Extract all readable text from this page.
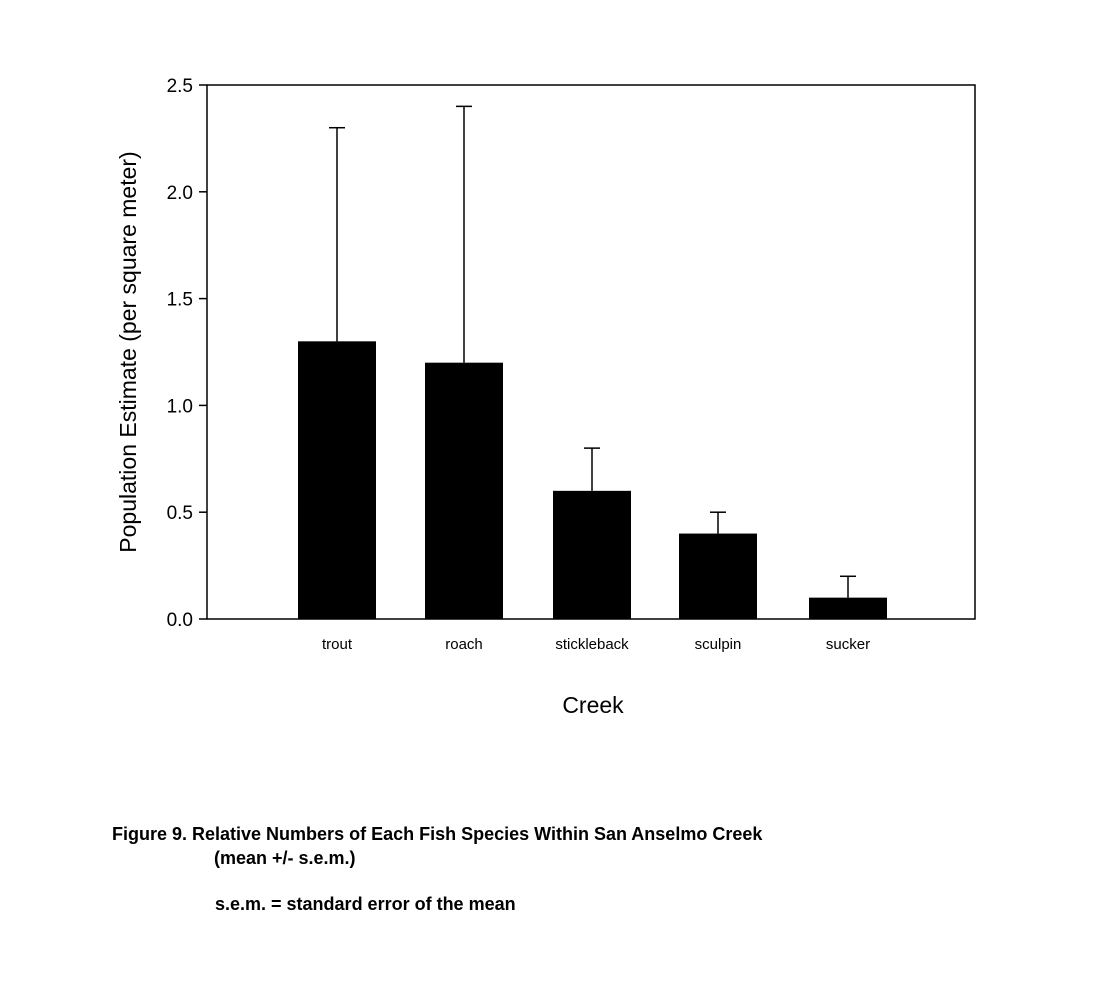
0.0
0.5
1.0
1.5
2.0
2.5
trout	roach	stickleback	sculpin	sucker
Population Estimate (per square meter)
Creek
Figure 9. Relative Numbers of Each Fish Species Within San Anselmo Creek
(mean +/- s.e.m.)
s.e.m. = standard error of the mean
